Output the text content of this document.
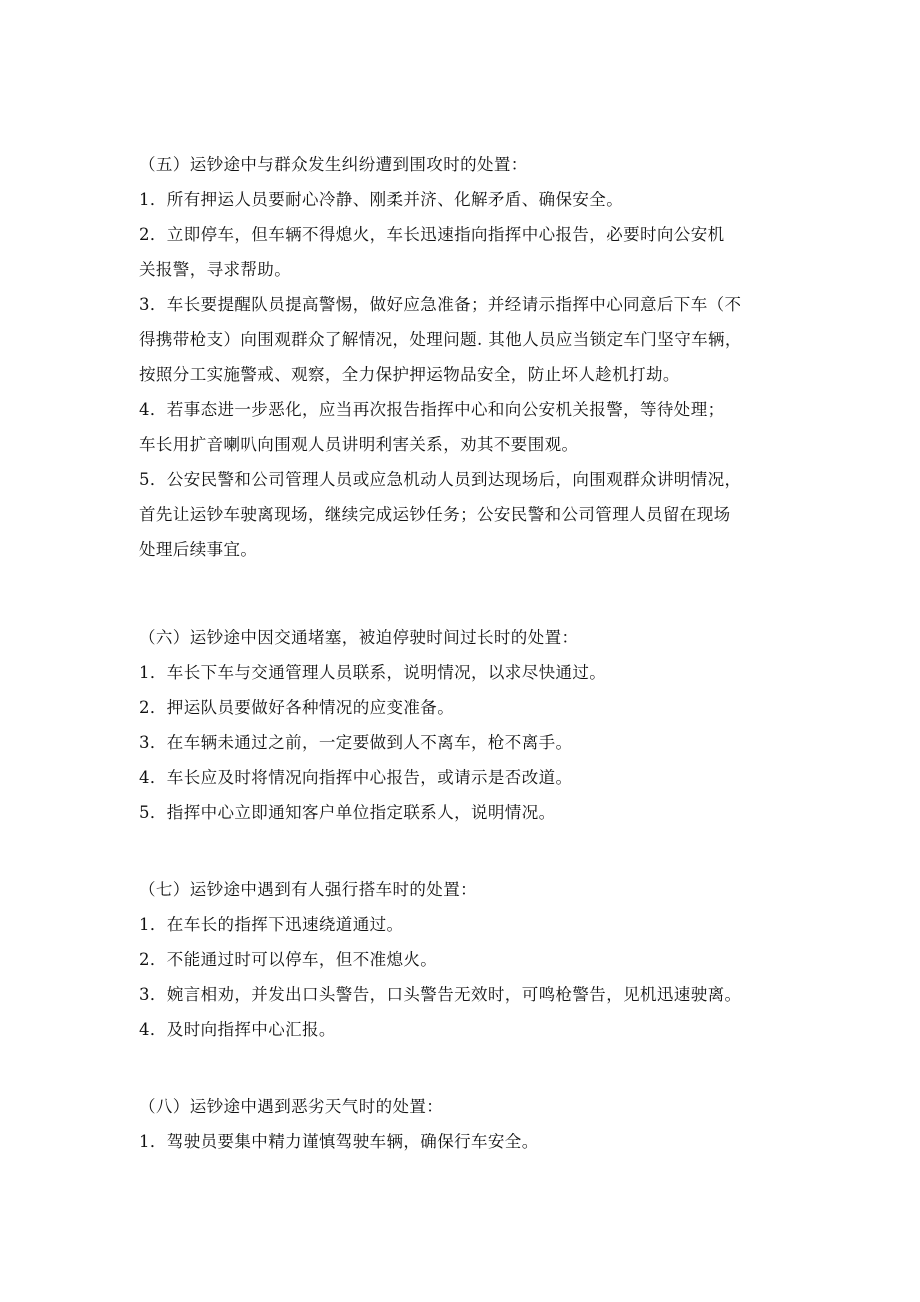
（五）运钞途中与群众发生纠纷遭到围攻时的处置：
1．所有押运人员要耐心冷静、刚柔并济、化解矛盾、确保安全。
2．立即停车，但车辆不得熄火，车长迅速指向指挥中心报告，必要时向公安机
关报警，寻求帮助。
3．车长要提醒队员提高警惕，做好应急准备；并经请示指挥中心同意后下车（不
得携带枪支）向围观群众了解情况，处理问题. 其他人员应当锁定车门坚守车辆，
按照分工实施警戒、观察，全力保护押运物品安全，防止坏人趁机打劫。
4．若事态进一步恶化，应当再次报告指挥中心和向公安机关报警，等待处理；
车长用扩音喇叭向围观人员讲明利害关系，劝其不要围观。
5．公安民警和公司管理人员或应急机动人员到达现场后，向围观群众讲明情况，
首先让运钞车驶离现场，继续完成运钞任务；公安民警和公司管理人员留在现场
处理后续事宜。
（六）运钞途中因交通堵塞，被迫停驶时间过长时的处置：
1．车长下车与交通管理人员联系，说明情况，以求尽快通过。
2．押运队员要做好各种情况的应变准备。
3．在车辆未通过之前，一定要做到人不离车，枪不离手。
4．车长应及时将情况向指挥中心报告，或请示是否改道。
5．指挥中心立即通知客户单位指定联系人，说明情况。
（七）运钞途中遇到有人强行搭车时的处置：
1．在车长的指挥下迅速绕道通过。
2．不能通过时可以停车，但不准熄火。
3．婉言相劝，并发出口头警告，口头警告无效时，可鸣枪警告，见机迅速驶离。
4．及时向指挥中心汇报。
（八）运钞途中遇到恶劣天气时的处置：
1．驾驶员要集中精力谨慎驾驶车辆，确保行车安全。
